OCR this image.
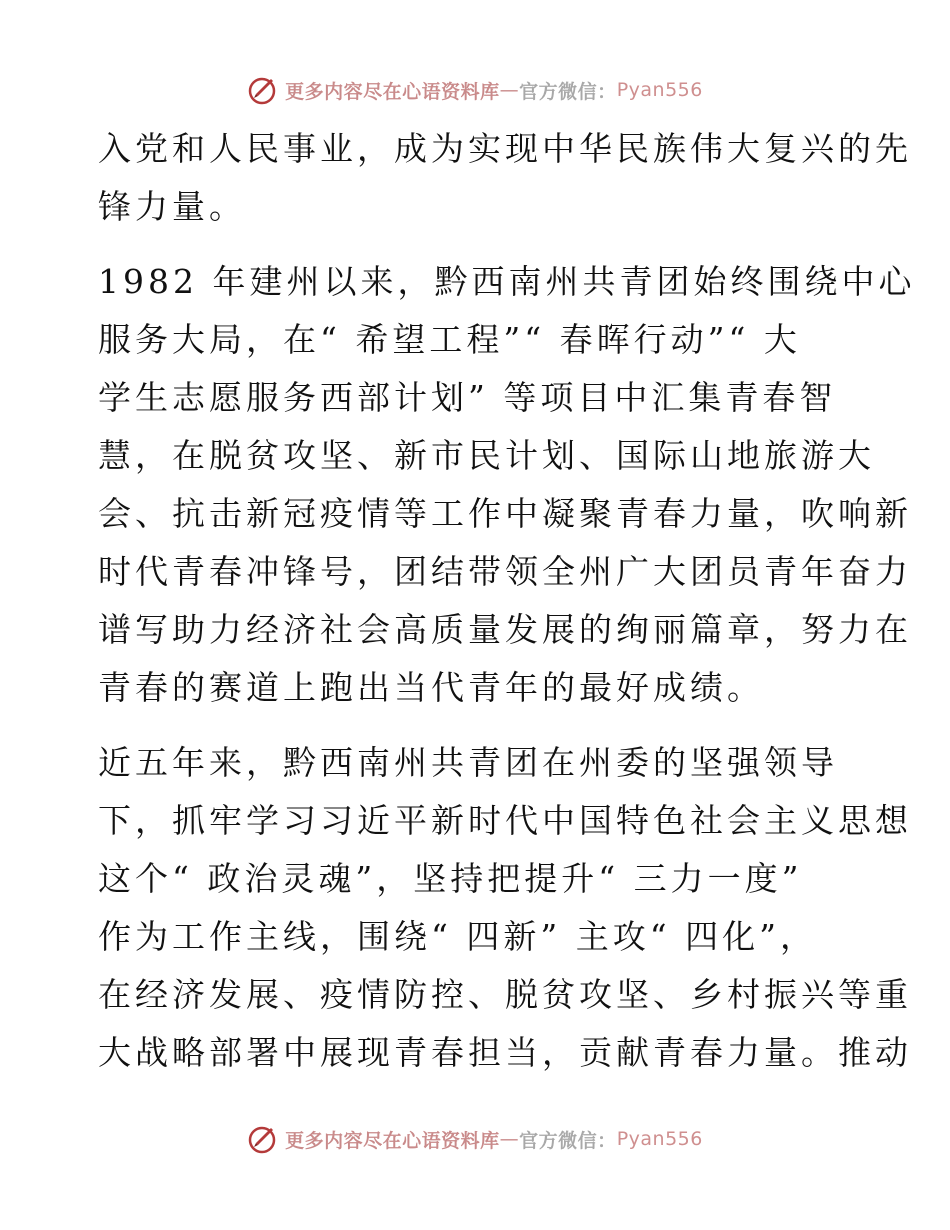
更多内容尽在心语资料库 — 官方微信： Pyan556

入党和人民事业，成为实现中华民族伟大复兴的先
锋力量。

1982 年建州以来，黔西南州共青团始终围绕中心
服务大局，在“ 希望工程”“ 春晖行动”“ 大
学生志愿服务西部计划” 等项目中汇集青春智
慧，在脱贫攻坚、新市民计划、国际山地旅游大
会、抗击新冠疫情等工作中凝聚青春力量，吹响新
时代青春冲锋号，团结带领全州广大团员青年奋力
谱写助力经济社会高质量发展的绚丽篇章，努力在
青春的赛道上跑出当代青年的最好成绩。

近五年来，黔西南州共青团在州委的坚强领导
下，抓牢学习习近平新时代中国特色社会主义思想
这个“ 政治灵魂”，坚持把提升“ 三力一度”
作为工作主线，围绕“ 四新” 主攻“ 四化”，
在经济发展、疫情防控、脱贫攻坚、乡村振兴等重
大战略部署中展现青春担当，贡献青春力量。推动

更多内容尽在心语资料库 — 官方微信： Pyan556
